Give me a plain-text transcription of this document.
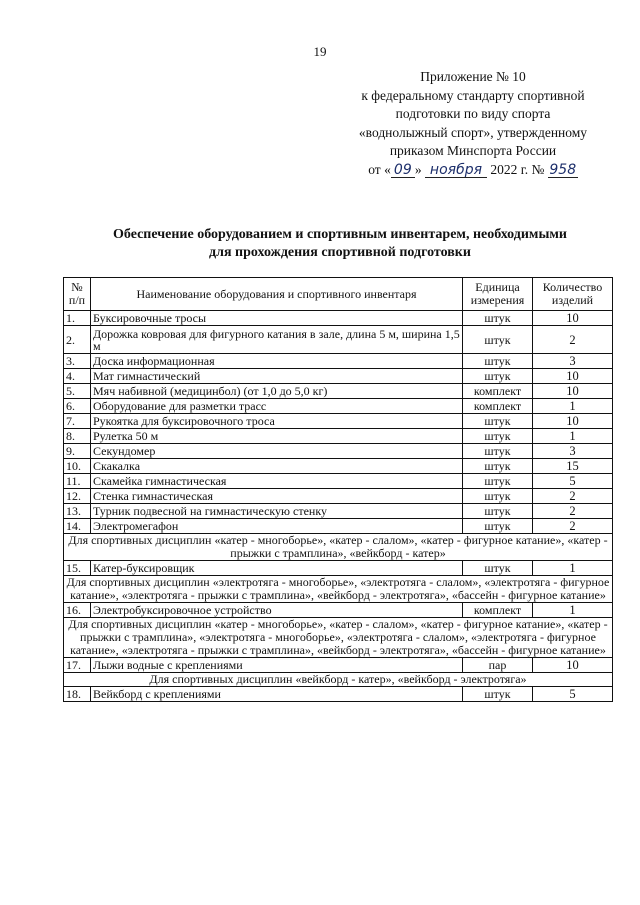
19
Приложение № 10
к федеральному стандарту спортивной
подготовки по виду спорта
«воднолыжный спорт», утвержденному
приказом Минспорта России
от « 09 » ноября 2022 г. № 958
Обеспечение оборудованием и спортивным инвентарем, необходимыми
для прохождения спортивной подготовки
№ п/п	Наименование оборудования и спортивного инвентаря	Единица измерения	Количество изделий
1.	Буксировочные тросы	штук	10
2.	Дорожка ковровая для фигурного катания в зале, длина 5 м, ширина 1,5 м	штук	2
3.	Доска информационная	штук	3
4.	Мат гимнастический	штук	10
5.	Мяч набивной (медицинбол) (от 1,0 до 5,0 кг)	комплект	10
6.	Оборудование для разметки трасс	комплект	1
7.	Рукоятка для буксировочного троса	штук	10
8.	Рулетка 50 м	штук	1
9.	Секундомер	штук	3
10.	Скакалка	штук	15
11.	Скамейка гимнастическая	штук	5
12.	Стенка гимнастическая	штук	2
13.	Турник подвесной на гимнастическую стенку	штук	2
14.	Электромегафон	штук	2
Для спортивных дисциплин «катер - многоборье», «катер - слалом», «катер - фигурное катание», «катер - прыжки с трамплина», «вейкборд - катер»			
15.	Катер-буксировщик	штук	1
Для спортивных дисциплин «электротяга - многоборье», «электротяга - слалом», «электротяга - фигурное катание», «электротяга - прыжки с трамплина», «вейкборд - электротяга», «бассейн - фигурное катание»			
16.	Электробуксировочное устройство	комплект	1
Для спортивных дисциплин «катер - многоборье», «катер - слалом», «катер - фигурное катание», «катер - прыжки с трамплина», «электротяга - многоборье», «электротяга - слалом», «электротяга - фигурное катание», «электротяга - прыжки с трамплина», «вейкборд - электротяга», «бассейн - фигурное катание»			
17.	Лыжи водные с креплениями	пар	10
Для спортивных дисциплин «вейкборд - катер», «вейкборд - электротяга»			
18.	Вейкборд с креплениями	штук	5
